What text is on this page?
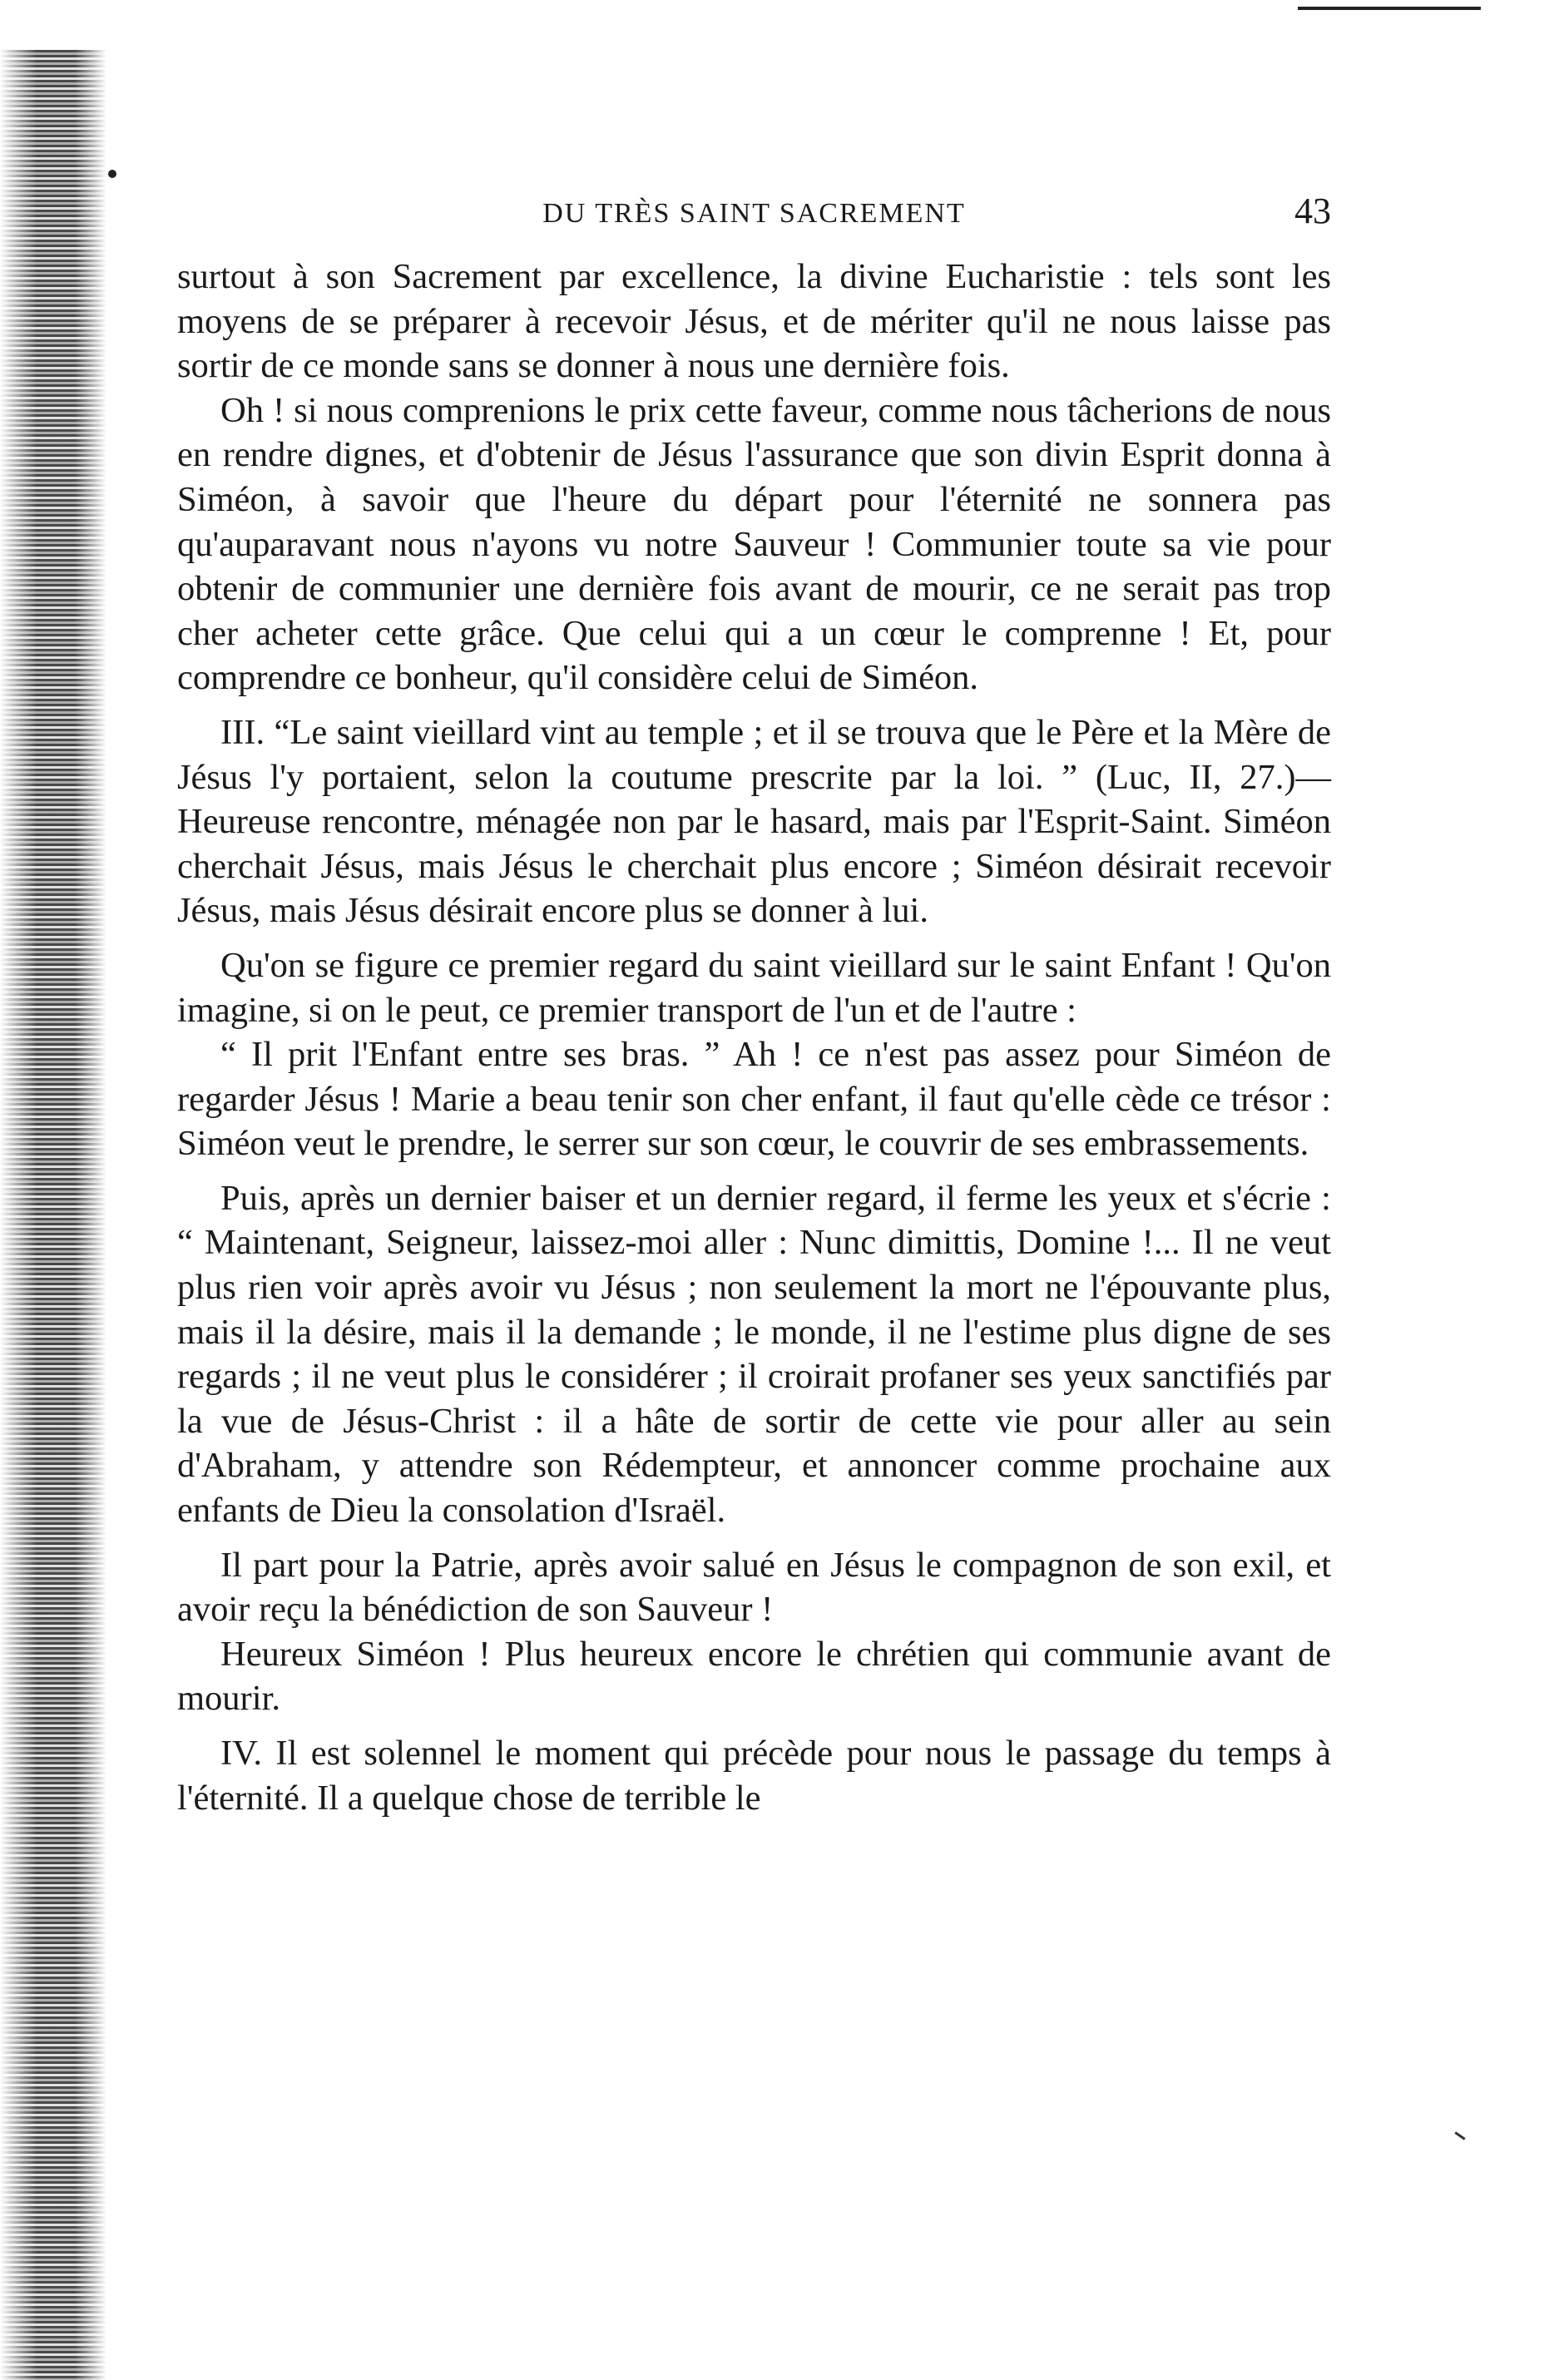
DU TRÈS SAINT SACREMENT	43

surtout à son Sacrement par excellence, la divine Eucharistie : tels sont les moyens de se préparer à recevoir Jésus, et de mériter qu'il ne nous laisse pas sortir de ce monde sans se donner à nous une dernière fois.

Oh ! si nous comprenions le prix cette faveur, comme nous tâcherions de nous en rendre dignes, et d'obtenir de Jésus l'assurance que son divin Esprit donna à Siméon, à savoir que l'heure du départ pour l'éternité ne sonnera pas qu'auparavant nous n'ayons vu notre Sauveur ! Communier toute sa vie pour obtenir de communier une dernière fois avant de mourir, ce ne serait pas trop cher acheter cette grâce. Que celui qui a un cœur le comprenne ! Et, pour comprendre ce bonheur, qu'il considère celui de Siméon.

III. “Le saint vieillard vint au temple ; et il se trouva que le Père et la Mère de Jésus l'y portaient, selon la coutume prescrite par la loi. ” (Luc, II, 27.)—Heureuse rencontre, ménagée non par le hasard, mais par l'Esprit-Saint. Siméon cherchait Jésus, mais Jésus le cherchait plus encore ; Siméon désirait recevoir Jésus, mais Jésus désirait encore plus se donner à lui.

Qu'on se figure ce premier regard du saint vieillard sur le saint Enfant ! Qu'on imagine, si on le peut, ce premier transport de l'un et de l'autre :

“ Il prit l'Enfant entre ses bras. ” Ah ! ce n'est pas assez pour Siméon de regarder Jésus ! Marie a beau tenir son cher enfant, il faut qu'elle cède ce trésor : Siméon veut le prendre, le serrer sur son cœur, le couvrir de ses embrassements.

Puis, après un dernier baiser et un dernier regard, il ferme les yeux et s'écrie : “ Maintenant, Seigneur, laissez-moi aller : Nunc dimittis, Domine !... Il ne veut plus rien voir après avoir vu Jésus ; non seulement la mort ne l'épouvante plus, mais il la désire, mais il la demande ; le monde, il ne l'estime plus digne de ses regards ; il ne veut plus le considérer ; il croirait profaner ses yeux sanctifiés par la vue de Jésus-Christ : il a hâte de sortir de cette vie pour aller au sein d'Abraham, y attendre son Rédempteur, et annoncer comme prochaine aux enfants de Dieu la consolation d'Israël.

Il part pour la Patrie, après avoir salué en Jésus le compagnon de son exil, et avoir reçu la bénédiction de son Sauveur !

Heureux Siméon ! Plus heureux encore le chrétien qui communie avant de mourir.

IV. Il est solennel le moment qui précède pour nous le passage du temps à l'éternité. Il a quelque chose de terrible le
